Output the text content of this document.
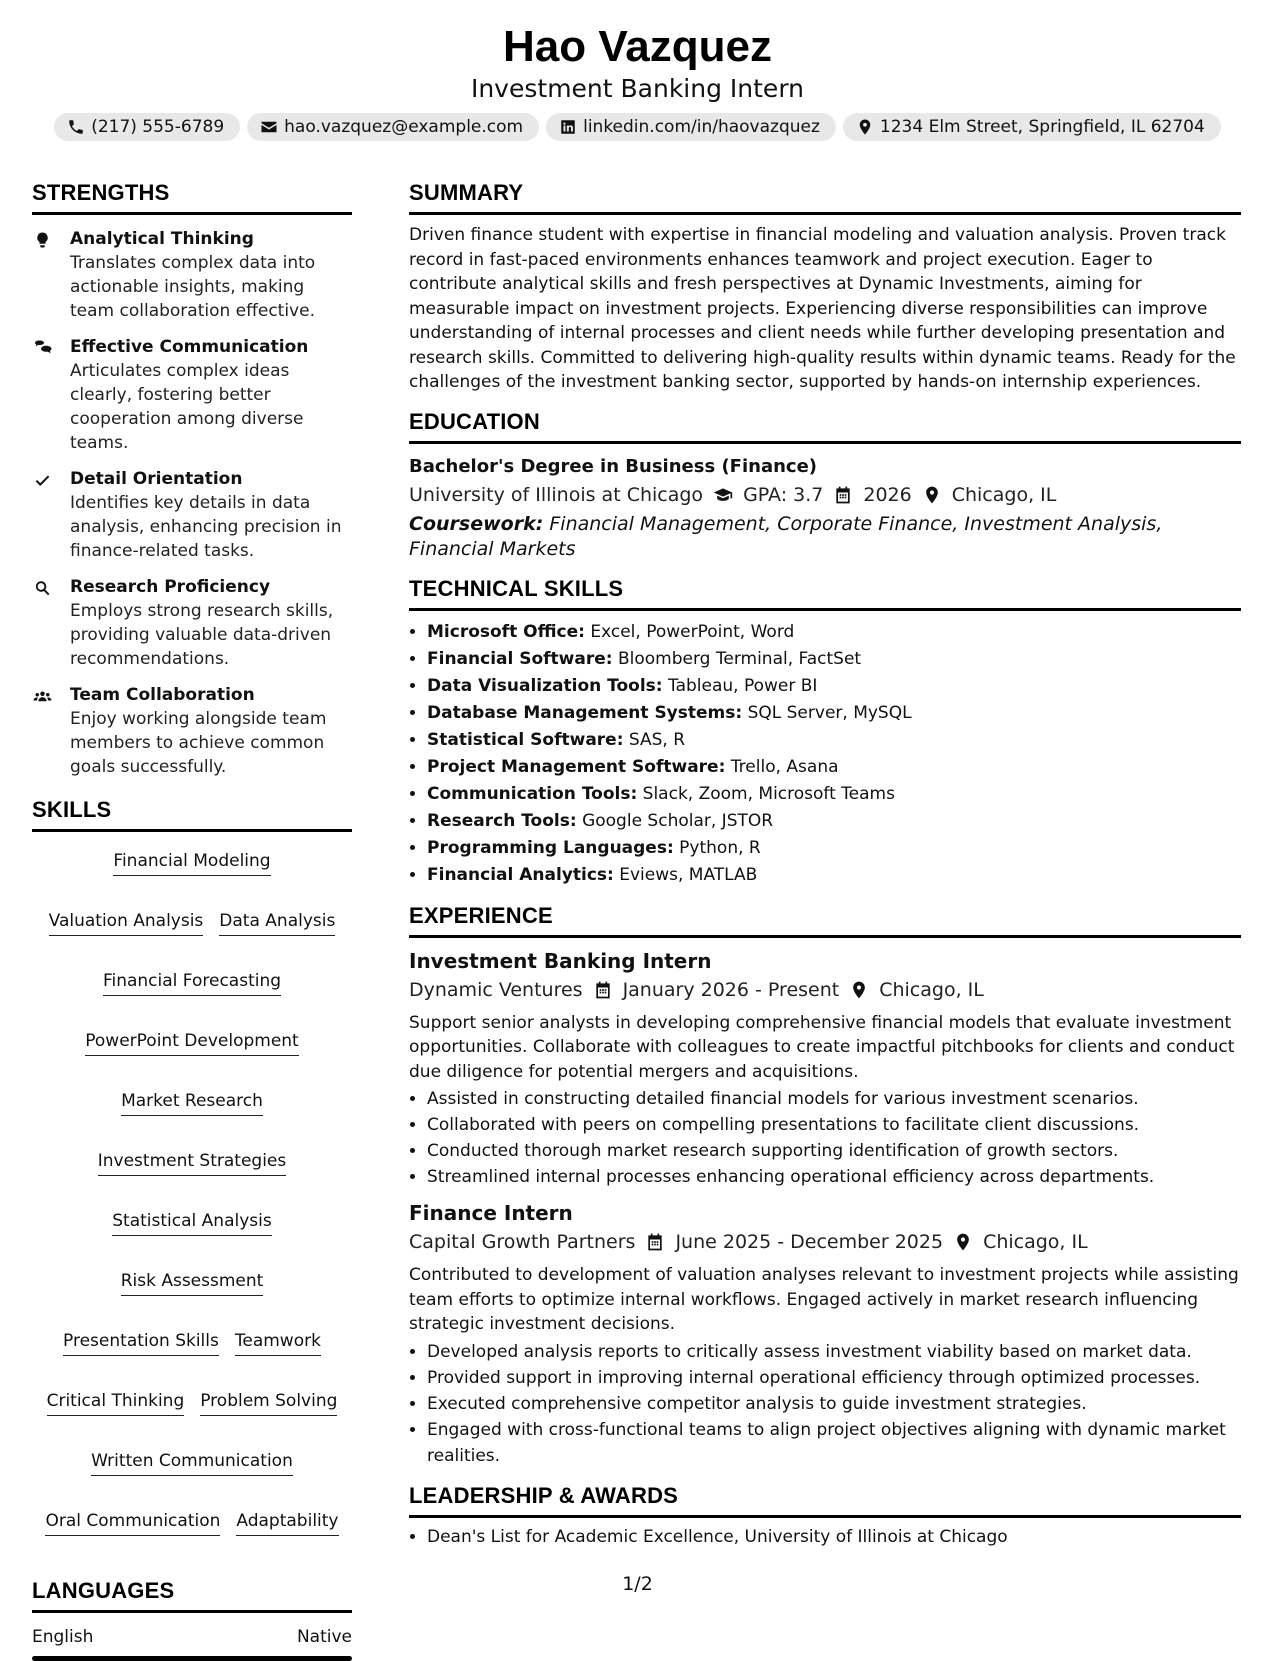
Hao Vazquez
Investment Banking Intern
(217) 555-6789	hao.vazquez@example.com	linkedin.com/in/haovazquez	1234 Elm Street, Springfield, IL 62704
STRENGTHS
Analytical Thinking
Translates complex data into actionable insights, making team collaboration effective.
Effective Communication
Articulates complex ideas clearly, fostering better cooperation among diverse teams.
Detail Orientation
Identifies key details in data analysis, enhancing precision in finance-related tasks.
Research Proficiency
Employs strong research skills, providing valuable data-driven recommendations.
Team Collaboration
Enjoy working alongside team members to achieve common goals successfully.
SKILLS
Financial Modeling
Valuation Analysis Data Analysis
Financial Forecasting
PowerPoint Development
Market Research
Investment Strategies
Statistical Analysis
Risk Assessment
Presentation Skills Teamwork
Critical Thinking Problem Solving
Written Communication
Oral Communication Adaptability
LANGUAGES
English	Native
SUMMARY
Driven finance student with expertise in financial modeling and valuation analysis. Proven track record in fast-paced environments enhances teamwork and project execution. Eager to contribute analytical skills and fresh perspectives at Dynamic Investments, aiming for measurable impact on investment projects. Experiencing diverse responsibilities can improve understanding of internal processes and client needs while further developing presentation and research skills. Committed to delivering high-quality results within dynamic teams. Ready for the challenges of the investment banking sector, supported by hands-on internship experiences.
EDUCATION
Bachelor's Degree in Business (Finance)
University of Illinois at Chicago GPA: 3.7 2026 Chicago, IL
Coursework: Financial Management, Corporate Finance, Investment Analysis, Financial Markets
TECHNICAL SKILLS
• Microsoft Office: Excel, PowerPoint, Word
• Financial Software: Bloomberg Terminal, FactSet
• Data Visualization Tools: Tableau, Power BI
• Database Management Systems: SQL Server, MySQL
• Statistical Software: SAS, R
• Project Management Software: Trello, Asana
• Communication Tools: Slack, Zoom, Microsoft Teams
• Research Tools: Google Scholar, JSTOR
• Programming Languages: Python, R
• Financial Analytics: Eviews, MATLAB
EXPERIENCE
Investment Banking Intern
Dynamic Ventures January 2026 - Present Chicago, IL
Support senior analysts in developing comprehensive financial models that evaluate investment opportunities. Collaborate with colleagues to create impactful pitchbooks for clients and conduct due diligence for potential mergers and acquisitions.
• Assisted in constructing detailed financial models for various investment scenarios.
• Collaborated with peers on compelling presentations to facilitate client discussions.
• Conducted thorough market research supporting identification of growth sectors.
• Streamlined internal processes enhancing operational efficiency across departments.
Finance Intern
Capital Growth Partners June 2025 - December 2025 Chicago, IL
Contributed to development of valuation analyses relevant to investment projects while assisting team efforts to optimize internal workflows. Engaged actively in market research influencing strategic investment decisions.
• Developed analysis reports to critically assess investment viability based on market data.
• Provided support in improving internal operational efficiency through optimized processes.
• Executed comprehensive competitor analysis to guide investment strategies.
• Engaged with cross-functional teams to align project objectives aligning with dynamic market realities.
LEADERSHIP & AWARDS
• Dean's List for Academic Excellence, University of Illinois at Chicago
1/2
